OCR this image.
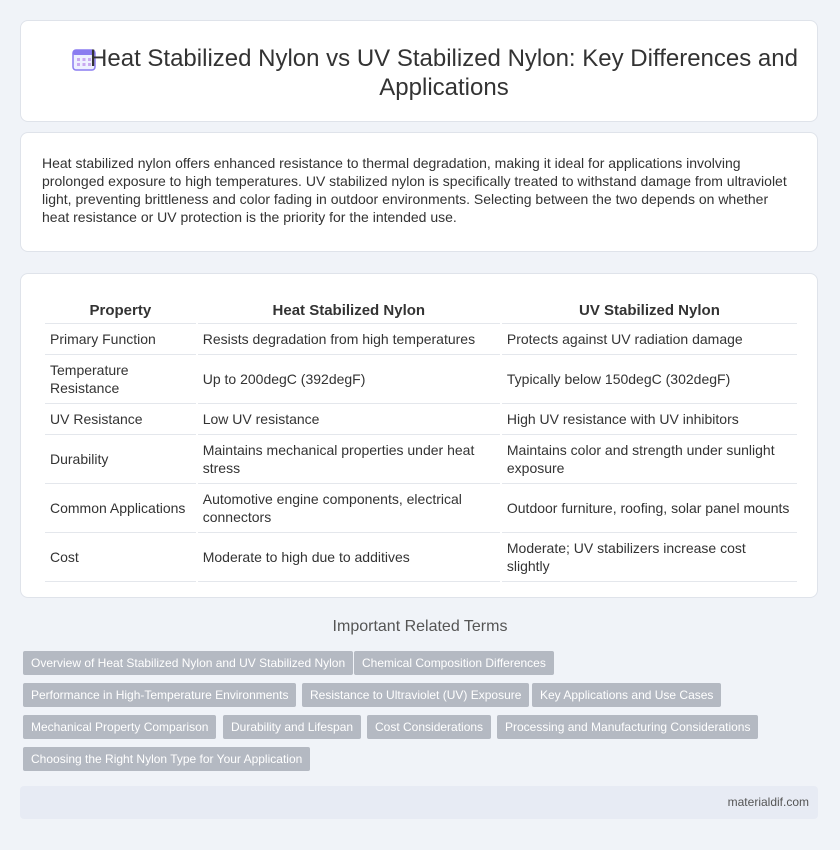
Heat Stabilized Nylon vs UV Stabilized Nylon: Key Differences and Applications

Heat stabilized nylon offers enhanced resistance to thermal degradation, making it ideal for applications involving prolonged exposure to high temperatures. UV stabilized nylon is specifically treated to withstand damage from ultraviolet light, preventing brittleness and color fading in outdoor environments. Selecting between the two depends on whether heat resistance or UV protection is the priority for the intended use.

Property	Heat Stabilized Nylon	UV Stabilized Nylon
Primary Function	Resists degradation from high temperatures	Protects against UV radiation damage
Temperature Resistance	Up to 200degC (392degF)	Typically below 150degC (302degF)
UV Resistance	Low UV resistance	High UV resistance with UV inhibitors
Durability	Maintains mechanical properties under heat stress	Maintains color and strength under sunlight exposure
Common Applications	Automotive engine components, electrical connectors	Outdoor furniture, roofing, solar panel mounts
Cost	Moderate to high due to additives	Moderate; UV stabilizers increase cost slightly
Important Related Terms
Overview of Heat Stabilized Nylon and UV Stabilized Nylon	Chemical Composition Differences
Performance in High-Temperature Environments	Resistance to Ultraviolet (UV) Exposure	Key Applications and Use Cases
Mechanical Property Comparison	Durability and Lifespan	Cost Considerations	Processing and Manufacturing Considerations
Choosing the Right Nylon Type for Your Application
materialdif.com
